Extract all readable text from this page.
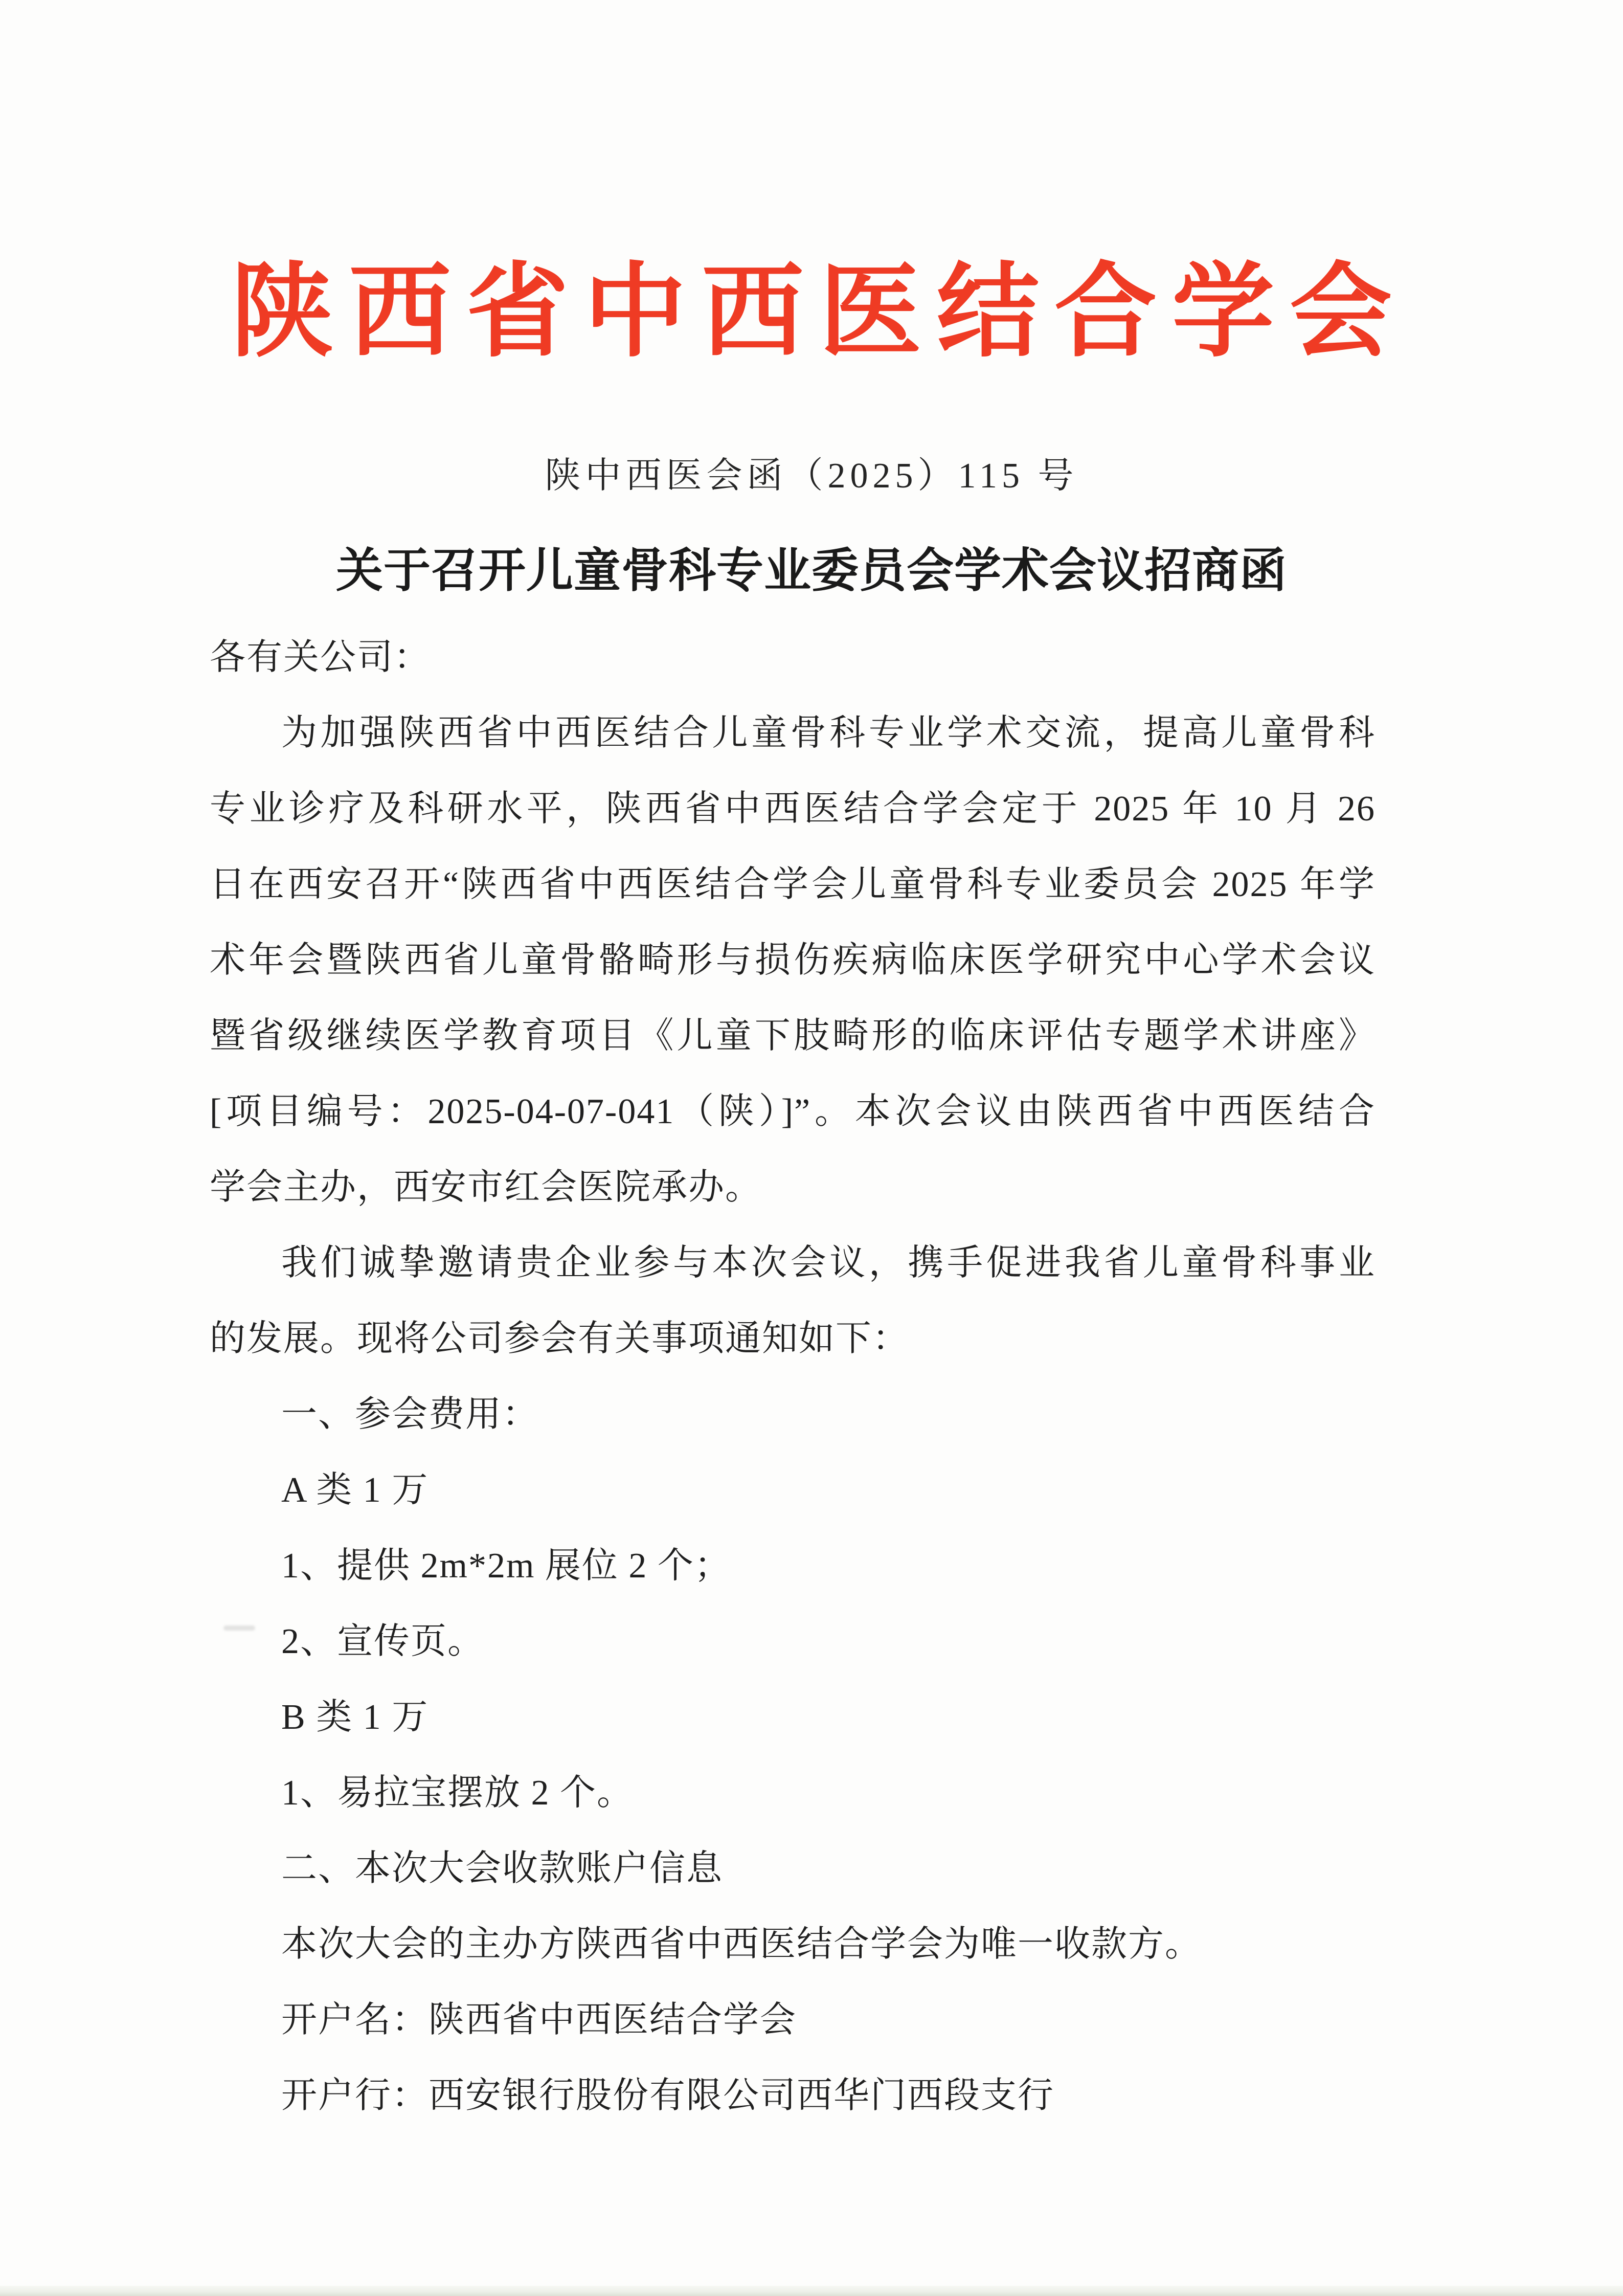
陕西省中西医结合学会
陕中西医会函（2025）115 号
关于召开儿童骨科专业委员会学术会议招商函
各有关公司：
为加强陕西省中西医结合儿童骨科专业学术交流，提高儿童骨科
专业诊疗及科研水平，陕西省中西医结合学会定于 2025 年 10 月 26
日在西安召开“陕西省中西医结合学会儿童骨科专业委员会 2025 年学
术年会暨陕西省儿童骨骼畸形与损伤疾病临床医学研究中心学术会议
暨省级继续医学教育项目《儿童下肢畸形的临床评估专题学术讲座》
[项目编号：2025-04-07-041（陕）]”。本次会议由陕西省中西医结合
学会主办，西安市红会医院承办。
我们诚挚邀请贵企业参与本次会议，携手促进我省儿童骨科事业
的发展。现将公司参会有关事项通知如下：
一、参会费用：
A 类 1 万
1、提供 2m*2m 展位 2 个；
2、宣传页。
B 类 1 万
1、易拉宝摆放 2 个。
二、本次大会收款账户信息
本次大会的主办方陕西省中西医结合学会为唯一收款方。
开户名：陕西省中西医结合学会
开户行：西安银行股份有限公司西华门西段支行
